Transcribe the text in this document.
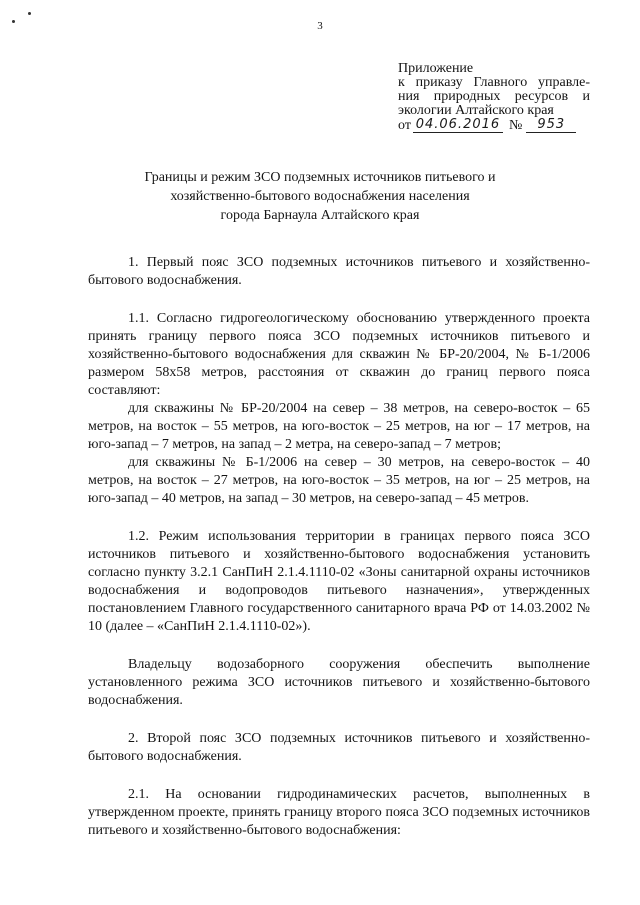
3
Приложение
к приказу Главного управле-
ния природных ресурсов и
экологии Алтайского края
от 04.06.2016 №	953
Границы и режим ЗСО подземных источников питьевого и
хозяйственно-бытового водоснабжения населения
города Барнаула Алтайского края

1. Первый пояс ЗСО подземных источников питьевого и хозяйственно-бытового водоснабжения.

1.1. Согласно гидрогеологическому обоснованию утвержденного проекта принять границу первого пояса ЗСО подземных источников питьевого и хозяйственно-бытового водоснабжения для скважин № БР-20/2004, № Б-1/2006 размером 58х58 метров, расстояния от скважин до границ первого пояса составляют:

для скважины № БР-20/2004 на север – 38 метров, на северо-восток – 65 метров, на восток – 55 метров, на юго-восток – 25 метров, на юг – 17 метров, на юго-запад – 7 метров, на запад – 2 метра, на северо-запад – 7 метров;

для скважины № Б-1/2006 на север – 30 метров, на северо-восток – 40 метров, на восток – 27 метров, на юго-восток – 35 метров, на юг – 25 метров, на юго-запад – 40 метров, на запад – 30 метров, на северо-запад – 45 метров.

1.2. Режим использования территории в границах первого пояса ЗСО источников питьевого и хозяйственно-бытового водоснабжения установить согласно пункту 3.2.1 СанПиН 2.1.4.1110-02 «Зоны санитарной охраны источников водоснабжения и водопроводов питьевого назначения», утвержденных постановлением Главного государственного санитарного врача РФ от 14.03.2002 № 10 (далее – «СанПиН 2.1.4.1110-02»).

Владельцу водозаборного сооружения обеспечить выполнение установленного режима ЗСО источников питьевого и хозяйственно-бытового водоснабжения.

2. Второй пояс ЗСО подземных источников питьевого и хозяйственно-бытового водоснабжения.

2.1. На основании гидродинамических расчетов, выполненных в утвержденном проекте, принять границу второго пояса ЗСО подземных источников питьевого и хозяйственно-бытового водоснабжения:
